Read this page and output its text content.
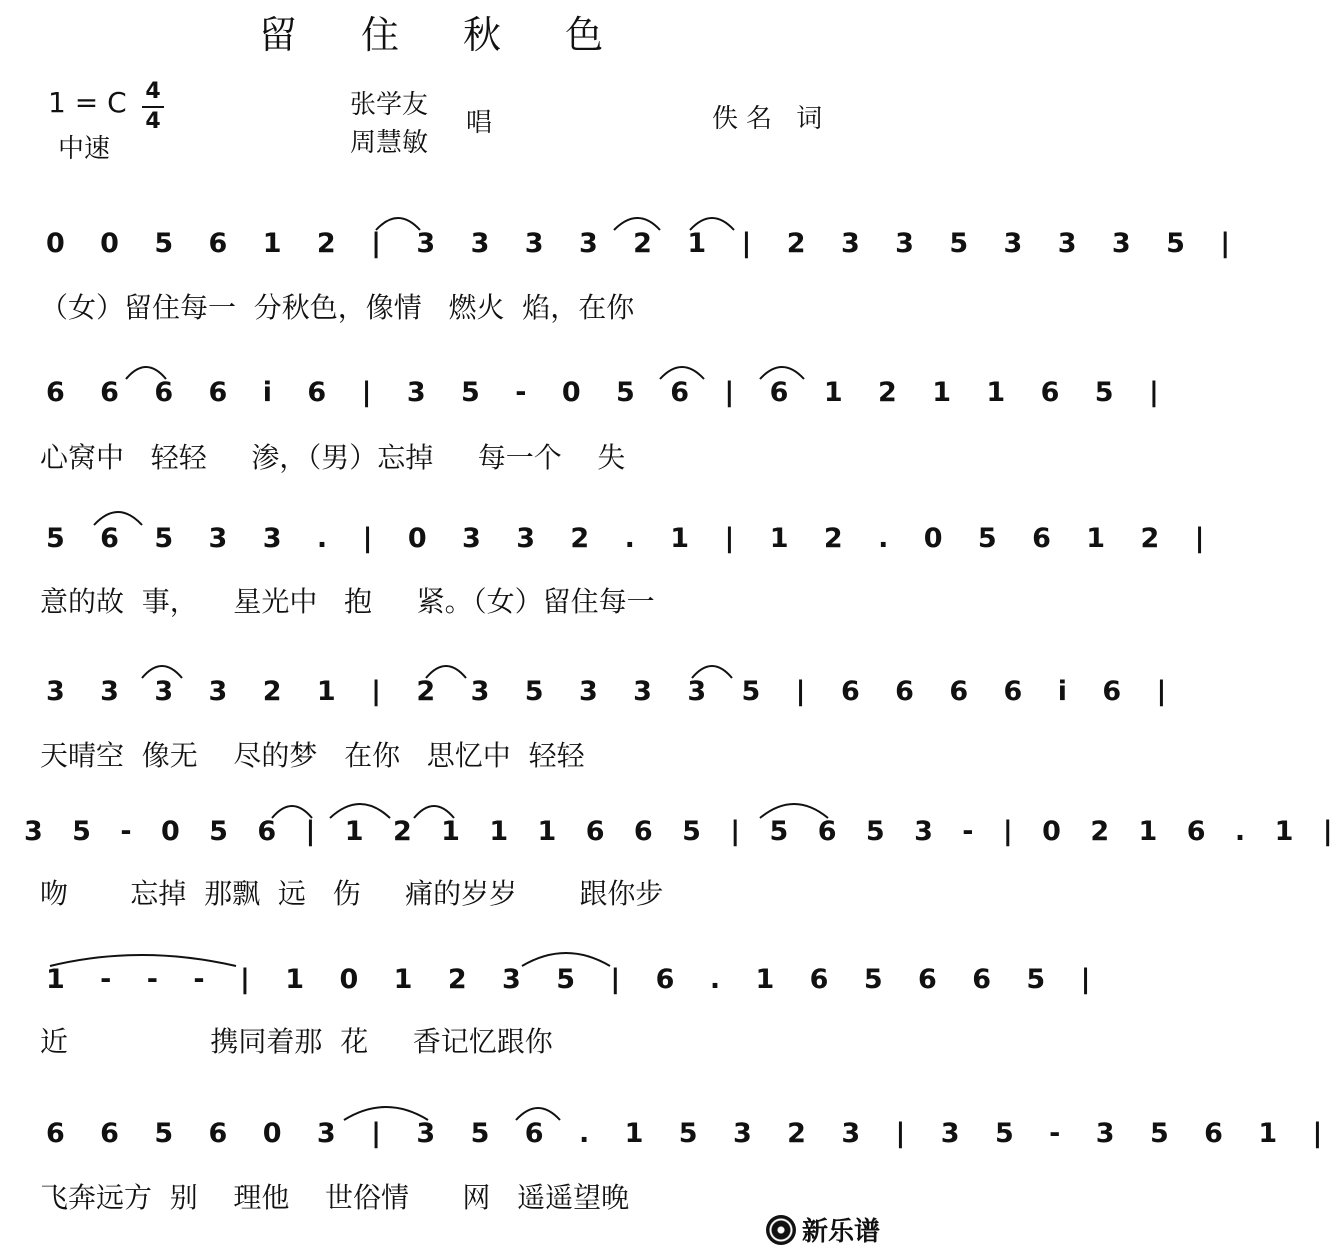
留 住 秋 色
1 = C 4
4
中速
张学友
周慧敏
唱	佚名 词
0 0 5 6 1 2 | 3 3 3 3 2 1 | 2 3 3 5 3 3 3 5 |
（女）留住每一  分秋色，像情   燃火  焰，在你
6 6 6 6 i 6 | 3 5 - 0 5 6 | 6 1 2 1 1 6 5 |
心窝中   轻轻     渗，（男）忘掉     每一个    失
5 6 5 3 3 . | 0 3 3 2 . 1 | 1 2 . 0 5 6 1 2 |
意的故  事，    星光中   抱     紧。（女）留住每一
3 3 3 3 2 1 | 2 3 5 3 3 3 5 | 6 6 6 6 i 6 |
天晴空  像无    尽的梦   在你   思忆中  轻轻
3 5 - 0 5 6 | 1 2 1 1 1 6 6 5 | 5 6 5 3 - | 0 2 1 6 . 1 |
吻       忘掉  那飘  远   伤     痛的岁岁       跟你步
1 - - - | 1 0 1 2 3 5 | 6 . 1 6 5 6 6 5 |
近                携同着那  花     香记忆跟你
6 6 5 6 0 3 | 3 5 6 . 1 5 3 2 3 | 3 5 - 3 5 6 1 |
飞奔远方  别    理他    世俗情      网   遥遥望晚
新乐谱
